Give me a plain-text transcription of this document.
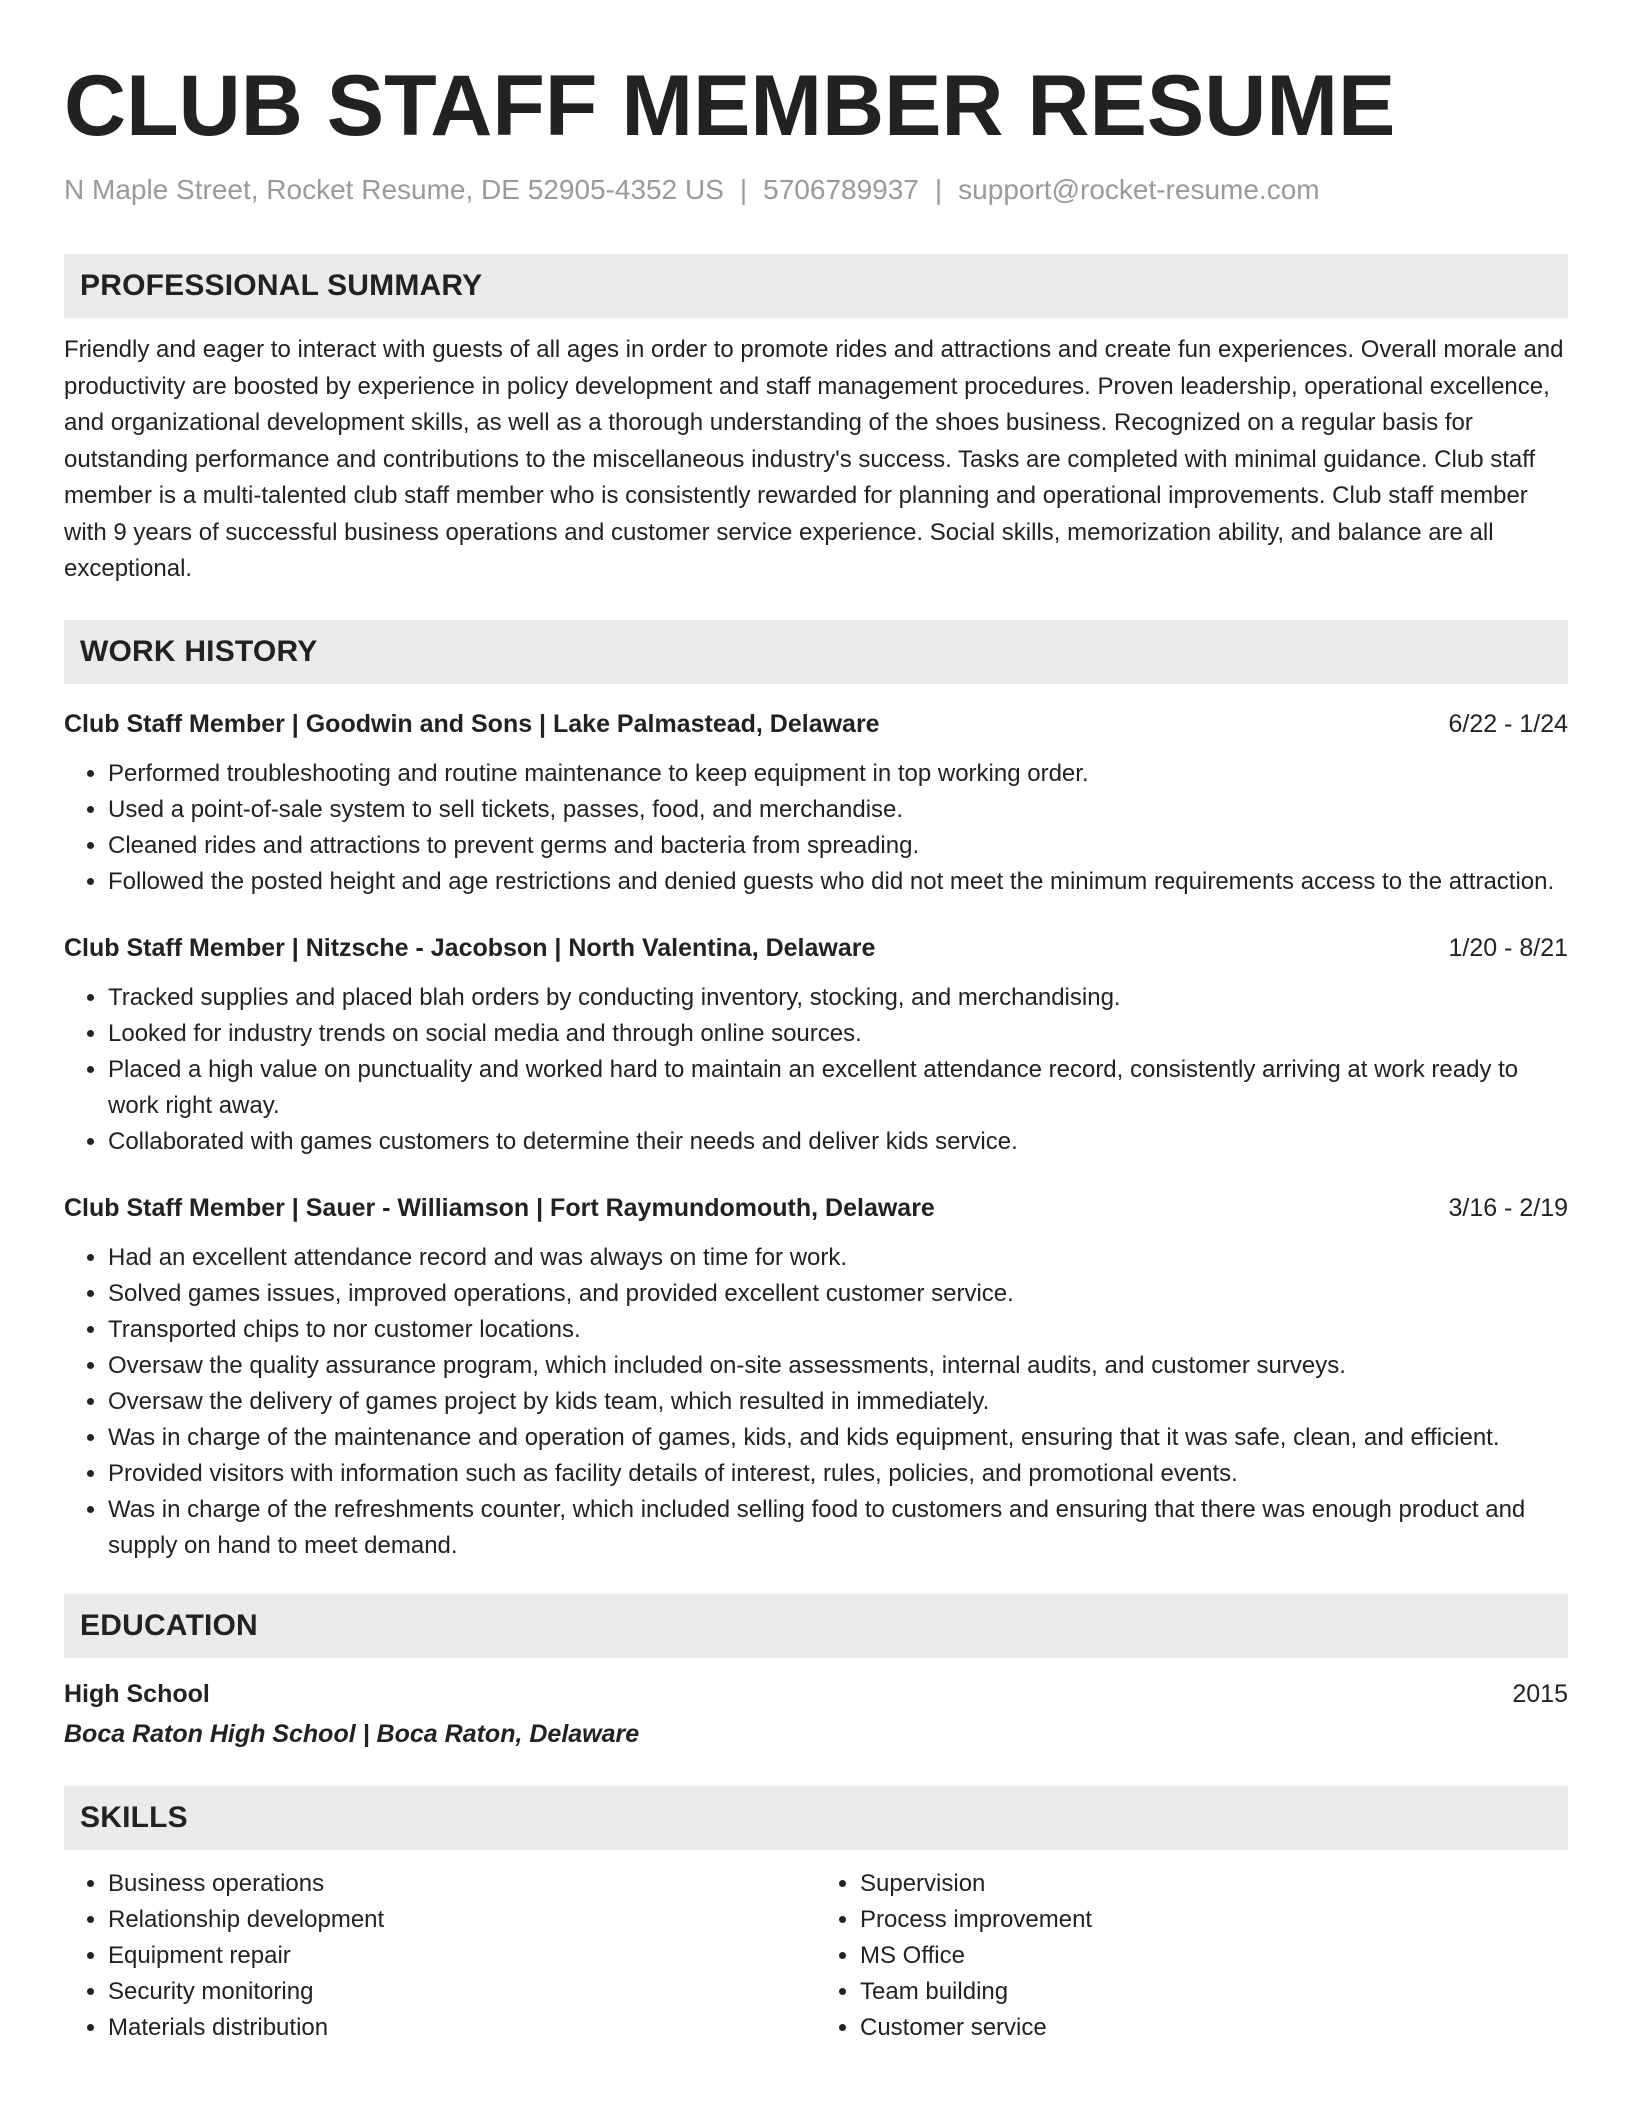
CLUB STAFF MEMBER RESUME
N Maple Street, Rocket Resume, DE 52905-4352 US | 5706789937 | support@rocket-resume.com
PROFESSIONAL SUMMARY

Friendly and eager to interact with guests of all ages in order to promote rides and attractions and create fun experiences. Overall morale and productivity are boosted by experience in policy development and staff management procedures. Proven leadership, operational excellence, and organizational development skills, as well as a thorough understanding of the shoes business. Recognized on a regular basis for outstanding performance and contributions to the miscellaneous industry's success. Tasks are completed with minimal guidance. Club staff member is a multi-talented club staff member who is consistently rewarded for planning and operational improvements. Club staff member with 9 years of successful business operations and customer service experience. Social skills, memorization ability, and balance are all exceptional.

WORK HISTORY
Club Staff Member | Goodwin and Sons | Lake Palmastead, Delaware	6/22 - 1/24
• Performed troubleshooting and routine maintenance to keep equipment in top working order.
• Used a point-of-sale system to sell tickets, passes, food, and merchandise.
• Cleaned rides and attractions to prevent germs and bacteria from spreading.
• Followed the posted height and age restrictions and denied guests who did not meet the minimum requirements access to the attraction.
Club Staff Member | Nitzsche - Jacobson | North Valentina, Delaware	1/20 - 8/21
• Tracked supplies and placed blah orders by conducting inventory, stocking, and merchandising.
• Looked for industry trends on social media and through online sources.
• Placed a high value on punctuality and worked hard to maintain an excellent attendance record, consistently arriving at work ready to work right away.
• Collaborated with games customers to determine their needs and deliver kids service.
Club Staff Member | Sauer - Williamson | Fort Raymundomouth, Delaware	3/16 - 2/19
• Had an excellent attendance record and was always on time for work.
• Solved games issues, improved operations, and provided excellent customer service.
• Transported chips to nor customer locations.
• Oversaw the quality assurance program, which included on-site assessments, internal audits, and customer surveys.
• Oversaw the delivery of games project by kids team, which resulted in immediately.
• Was in charge of the maintenance and operation of games, kids, and kids equipment, ensuring that it was safe, clean, and efficient.
• Provided visitors with information such as facility details of interest, rules, policies, and promotional events.
• Was in charge of the refreshments counter, which included selling food to customers and ensuring that there was enough product and supply on hand to meet demand.
EDUCATION
High School	2015
Boca Raton High School | Boca Raton, Delaware
SKILLS
• Business operations
• Relationship development
• Equipment repair
• Security monitoring
• Materials distribution
• Supervision
• Process improvement
• MS Office
• Team building
• Customer service
